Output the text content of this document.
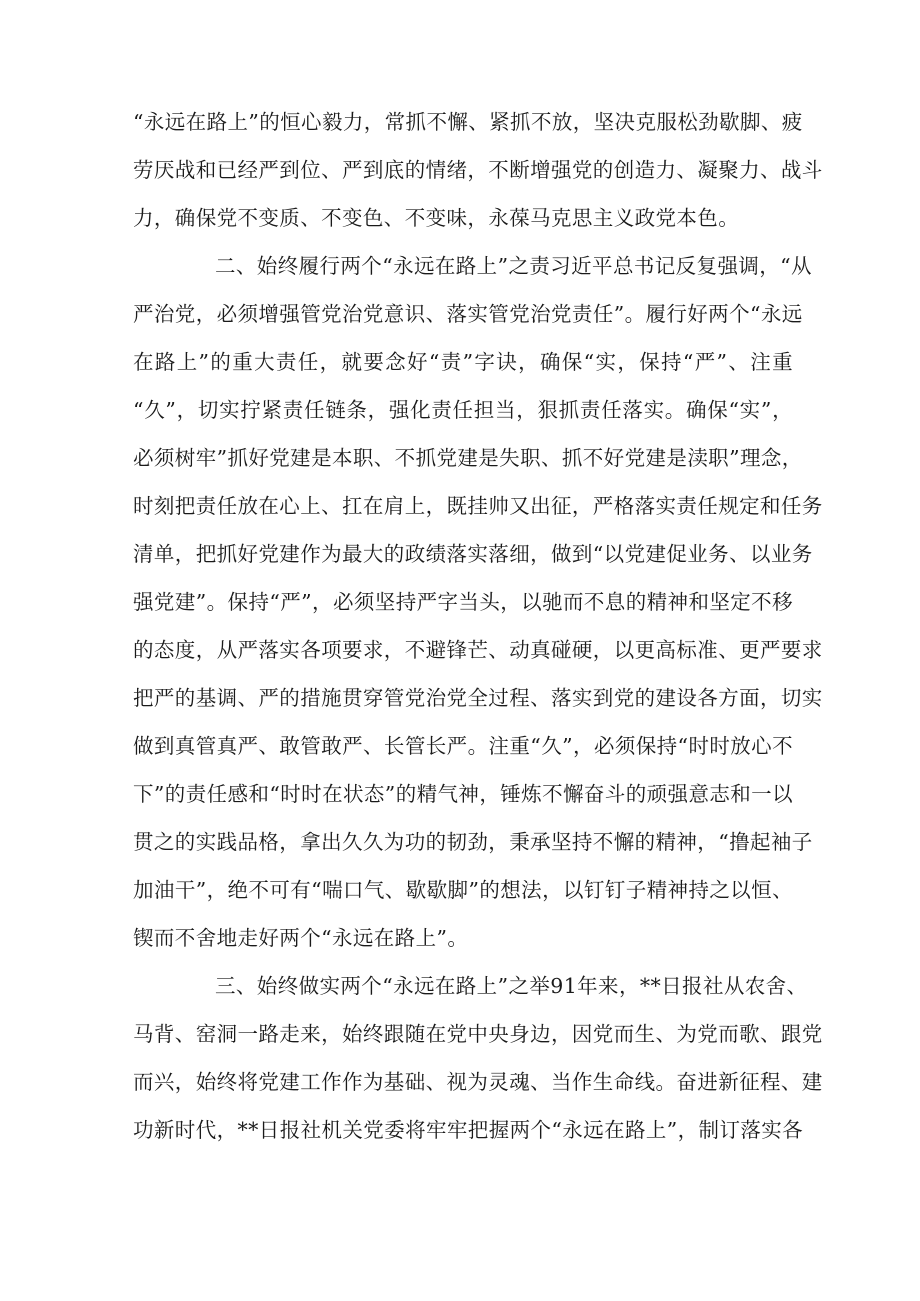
“永远在路上”的恒心毅力，常抓不懈、紧抓不放，坚决克服松劲歇脚、疲
劳厌战和已经严到位、严到底的情绪，不断增强党的创造力、凝聚力、战斗
力，确保党不变质、不变色、不变味，永葆马克思主义政党本色。
二、始终履行两个“永远在路上”之责习近平总书记反复强调，“从
严治党，必须增强管党治党意识、落实管党治党责任”。履行好两个“永远
在路上”的重大责任，就要念好“责”字诀，确保“实，保持“严”、注重
“久”，切实拧紧责任链条，强化责任担当，狠抓责任落实。确保“实”，
必须树牢”抓好党建是本职、不抓党建是失职、抓不好党建是渎职”理念，
时刻把责任放在心上、扛在肩上，既挂帅又出征，严格落实责任规定和任务
清单，把抓好党建作为最大的政绩落实落细，做到“以党建促业务、以业务
强党建”。保持“严”，必须坚持严字当头，以驰而不息的精神和坚定不移
的态度，从严落实各项要求，不避锋芒、动真碰硬，以更高标准、更严要求
把严的基调、严的措施贯穿管党治党全过程、落实到党的建设各方面，切实
做到真管真严、敢管敢严、长管长严。注重“久”，必须保持“时时放心不
下”的责任感和“时时在状态”的精气神，锤炼不懈奋斗的顽强意志和一以
贯之的实践品格，拿出久久为功的韧劲，秉承坚持不懈的精神，“撸起袖子
加油干”，绝不可有“喘口气、歇歇脚”的想法，以钉钉子精神持之以恒、
锲而不舍地走好两个“永远在路上”。
三、始终做实两个“永远在路上”之举91年来，**日报社从农舍、
马背、窑洞一路走来，始终跟随在党中央身边，因党而生、为党而歌、跟党
而兴，始终将党建工作作为基础、视为灵魂、当作生命线。奋进新征程、建
功新时代，**日报社机关党委将牢牢把握两个“永远在路上”，制订落实各
